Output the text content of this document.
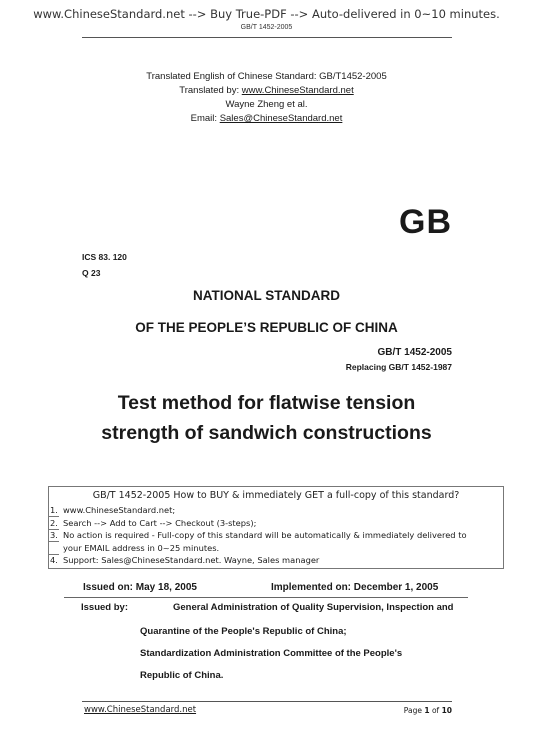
www.ChineseStandard.net --> Buy True-PDF --> Auto-delivered in 0~10 minutes.
GB/T 1452-2005
Translated English of Chinese Standard: GB/T1452-2005
Translated by: www.ChineseStandard.net
Wayne Zheng et al.
Email: Sales@ChineseStandard.net
GB
ICS 83. 120
Q 23
NATIONAL STANDARD
OF THE PEOPLE’S REPUBLIC OF CHINA
GB/T 1452-2005
Replacing GB/T 1452-1987
Test method for flatwise tension
strength of sandwich constructions
GB/T 1452-2005 How to BUY & immediately GET a full-copy of this standard?
1. www.ChineseStandard.net;
2. Search --> Add to Cart --> Checkout (3-steps);
3. No action is required - Full-copy of this standard will be automatically & immediately delivered to
your EMAIL address in 0~25 minutes.
4. Support: Sales@ChineseStandard.net. Wayne, Sales manager
Issued on: May 18, 2005	Implemented on: December 1, 2005
Issued by:	General Administration of Quality Supervision, Inspection and
Quarantine of the People's Republic of China;
Standardization Administration Committee of the People's
Republic of China.
www.ChineseStandard.net	Page 1 of 10
